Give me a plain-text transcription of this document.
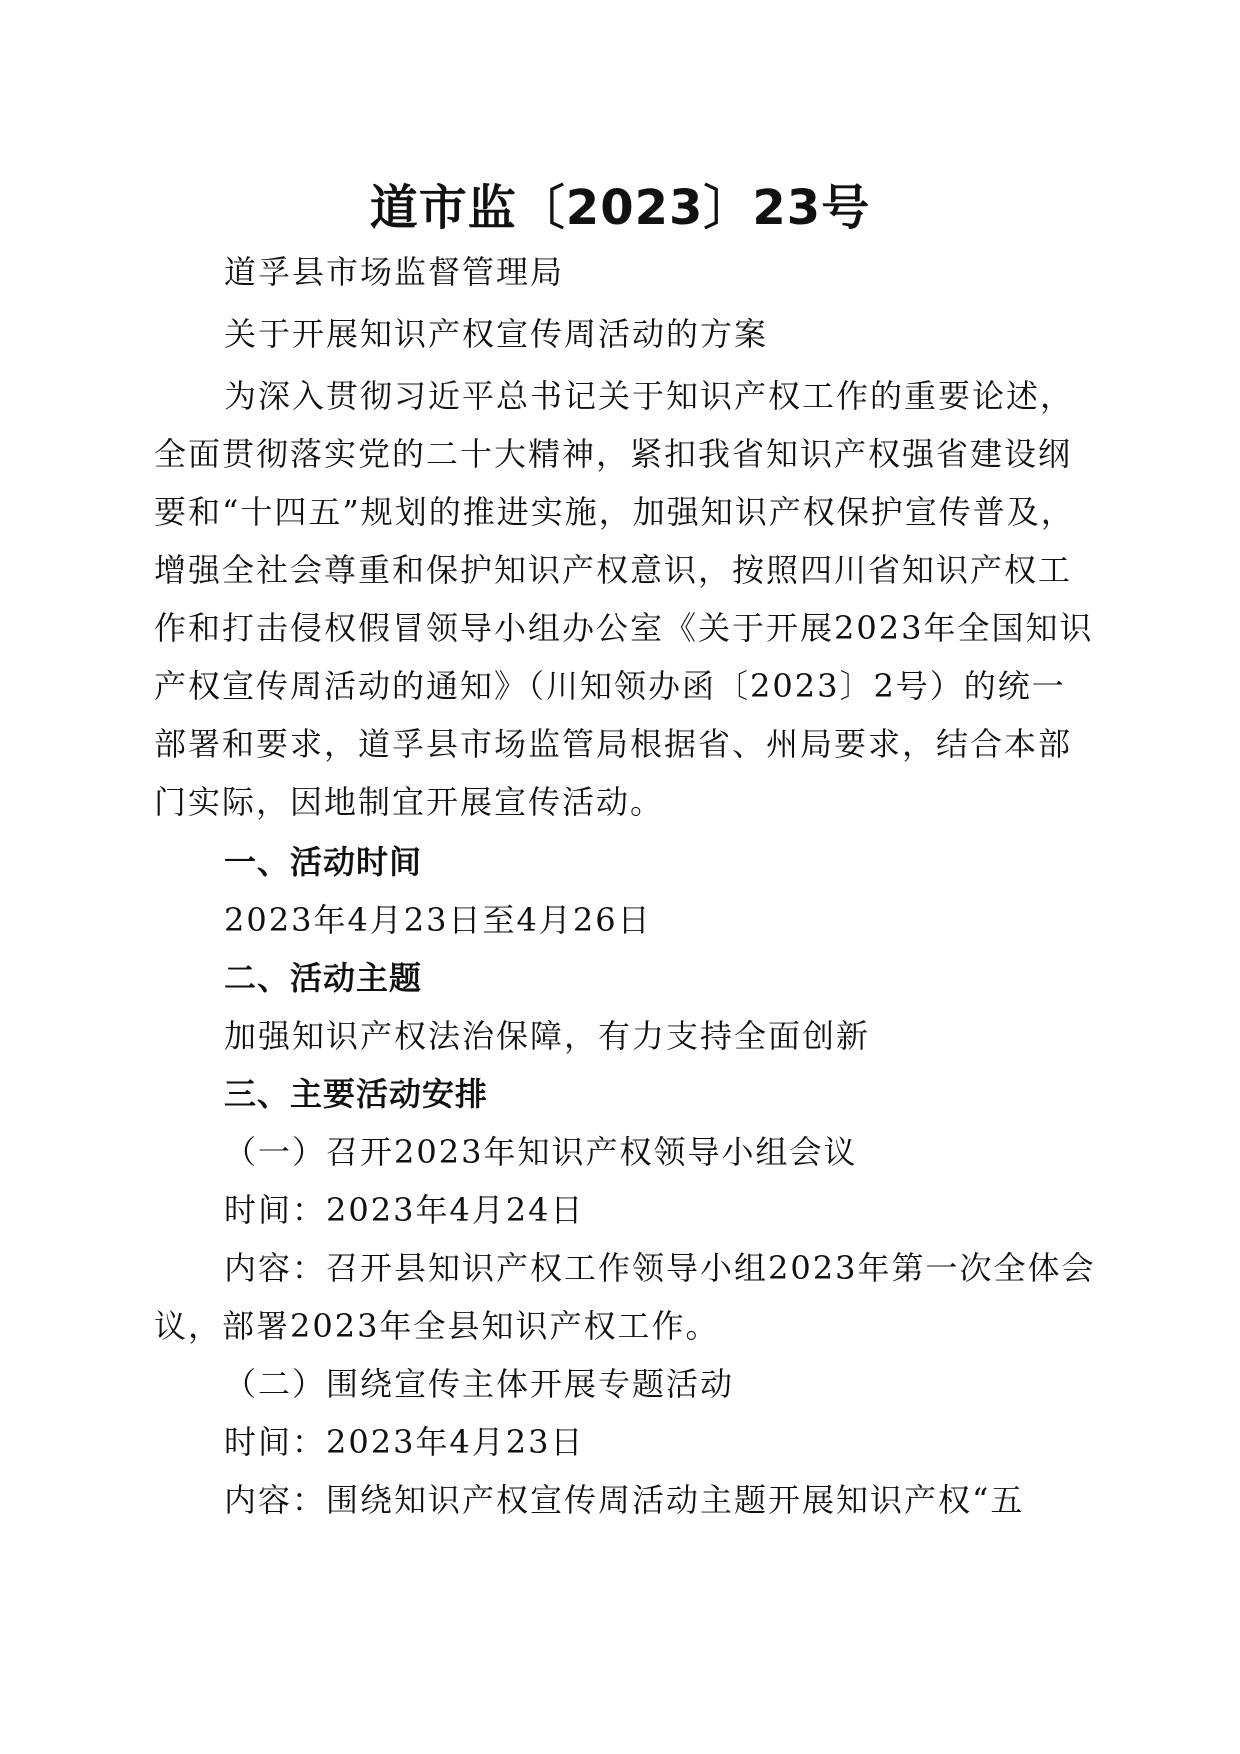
道市监〔2023〕23号
道孚县市场监督管理局
关于开展知识产权宣传周活动的方案
为深入贯彻习近平总书记关于知识产权工作的重要论述，
全面贯彻落实党的二十大精神，紧扣我省知识产权强省建设纲
要和“十四五”规划的推进实施，加强知识产权保护宣传普及，
增强全社会尊重和保护知识产权意识，按照四川省知识产权工
作和打击侵权假冒领导小组办公室《关于开展2023年全国知识
产权宣传周活动的通知》（川知领办函〔2023〕2号）的统一
部署和要求，道孚县市场监管局根据省、州局要求，结合本部
门实际，因地制宜开展宣传活动。
一、活动时间
2023年4月23日至4月26日
二、活动主题
加强知识产权法治保障，有力支持全面创新
三、主要活动安排
（一）召开2023年知识产权领导小组会议
时间：2023年4月24日
内容：召开县知识产权工作领导小组2023年第一次全体会
议，部署2023年全县知识产权工作。
（二）围绕宣传主体开展专题活动
时间：2023年4月23日
内容：围绕知识产权宣传周活动主题开展知识产权“五
